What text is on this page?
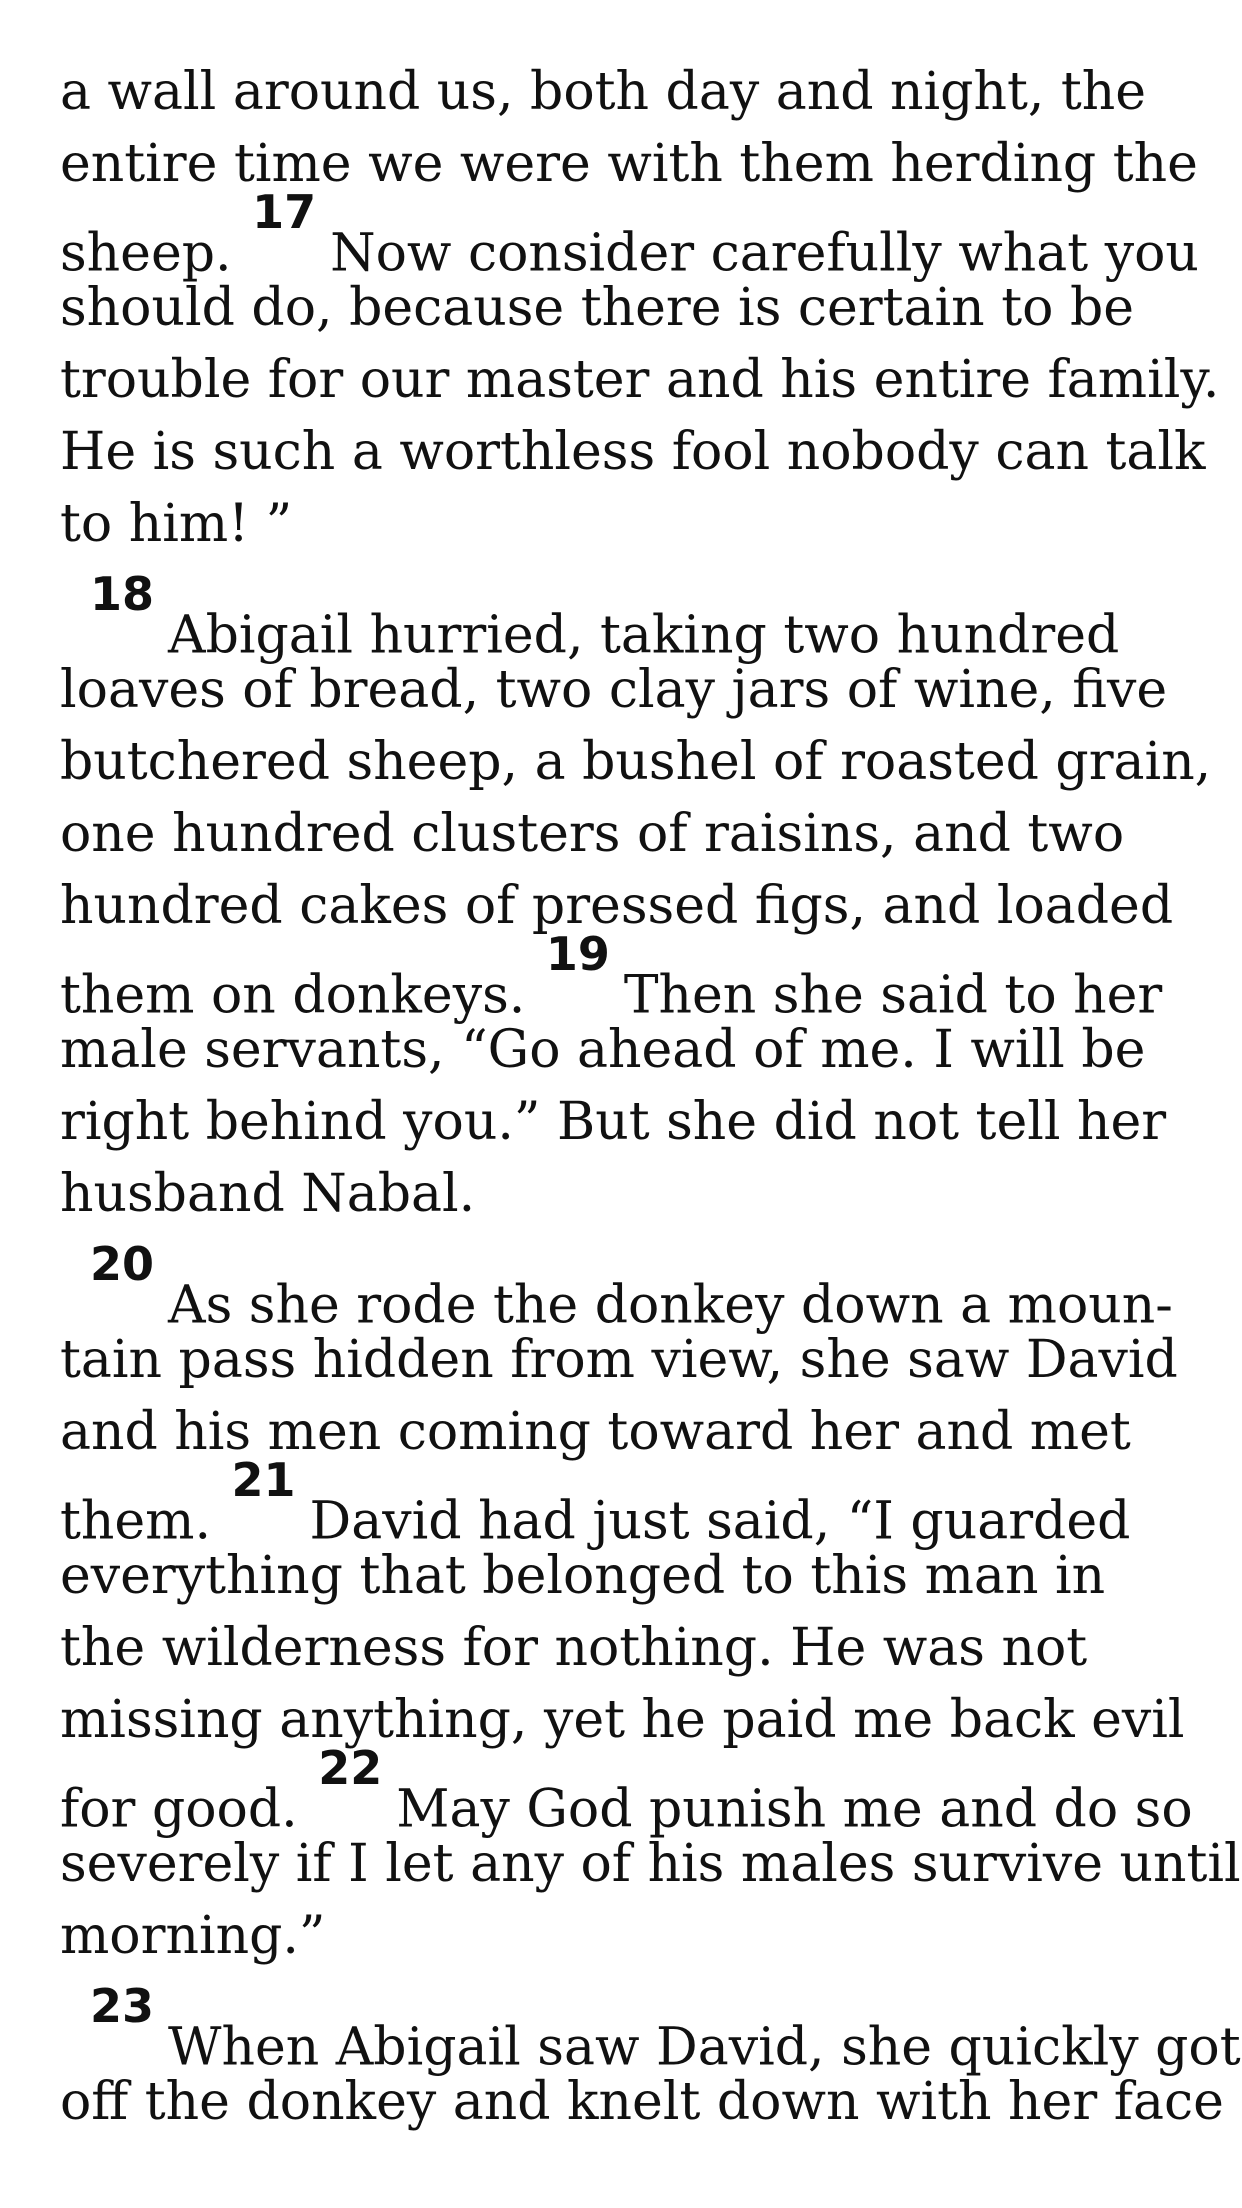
a wall around us, both day and night, the
entire time we were with them herding the
sheep. $^{17}$Now consider carefully what you
should do, because there is certain to be
trouble for our master and his entire family.
He is such a worthless fool nobody can talk
to him! ”

$^{18}$Abigail hurried, taking two hundred
loaves of bread, two clay jars of wine, five
butchered sheep, a bushel of roasted grain,
one hundred clusters of raisins, and two
hundred cakes of pressed figs, and loaded
them on donkeys. $^{19}$Then she said to her
male servants, “Go ahead of me. I will be
right behind you.” But she did not tell her
husband Nabal.

$^{20}$As she rode the donkey down a moun-
tain pass hidden from view, she saw David
and his men coming toward her and met
them. $^{21}$David had just said, “I guarded
everything that belonged to this man in
the wilderness for nothing. He was not
missing anything, yet he paid me back evil
for good. $^{22}$May God punish me and do so
severely if I let any of his males survive until
morning.”

$^{23}$When Abigail saw David, she quickly got
off the donkey and knelt down with her face
